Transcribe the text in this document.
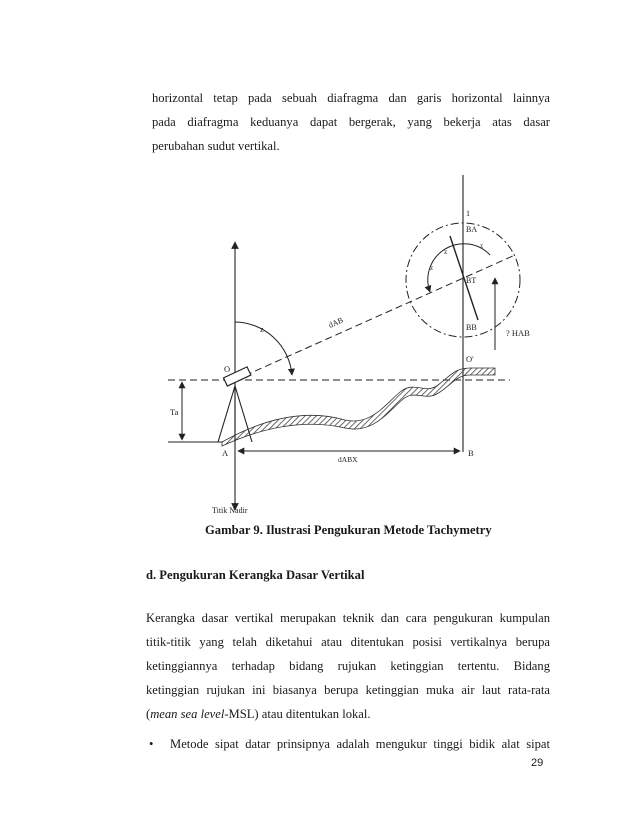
horizontal tetap pada sebuah diafragma dan garis horizontal lainnya
pada diafragma keduanya dapat bergerak, yang bekerja atas dasar
perubahan sudut vertikal.
z
z
z
z
1
BA
BT
BB
? HAB
O
O'
dAB
Ta
A	B
dABX
Titik Nadir
Gambar 9. Ilustrasi Pengukuran Metode Tachymetry
d. Pengukuran Kerangka Dasar Vertikal
Kerangka dasar vertikal merupakan teknik dan cara pengukuran kumpulan
titik-titik yang telah diketahui atau ditentukan posisi vertikalnya berupa
ketinggiannya terhadap bidang rujukan ketinggian tertentu. Bidang
ketinggian rujukan ini biasanya berupa ketinggian muka air laut rata-rata
(mean sea level-MSL) atau ditentukan lokal.
• Metode sipat datar prinsipnya adalah mengukur tinggi bidik alat sipat
29
